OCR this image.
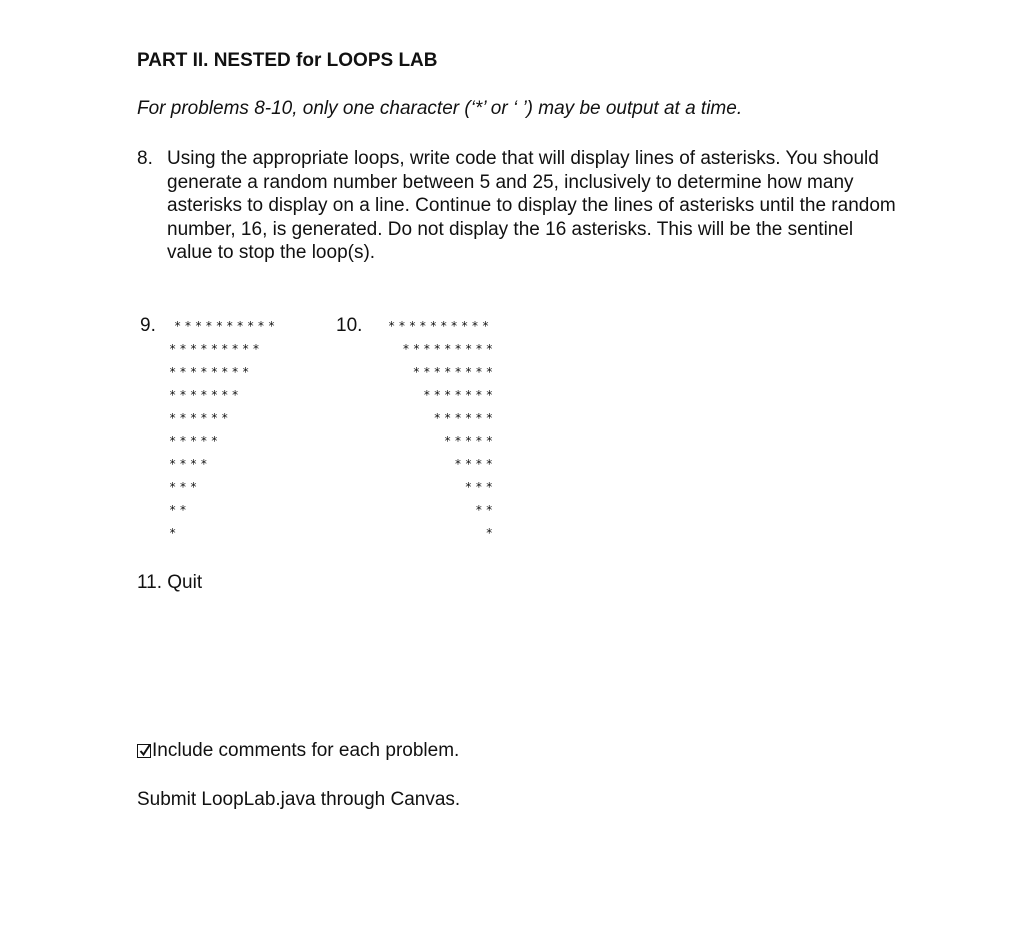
PART II. NESTED for LOOPS LAB

For problems 8-10, only one character (‘*’ or ‘ ’) may be output at a time.

8. Using the appropriate loops, write code that will display lines of asterisks. You should generate a random number between 5 and 25, inclusively to determine how many asterisks to display on a line. Continue to display the lines of asterisks until the random number, 16, is generated. Do not display the 16 asterisks. This will be the sentinel value to stop the loop(s).
9. **********
*********
********
*******
******
*****
****
***
**
*
10. **********
*********
********
*******
******
*****
****
***
**
*

11. Quit

Include comments for each problem.

Submit LoopLab.java through Canvas.
